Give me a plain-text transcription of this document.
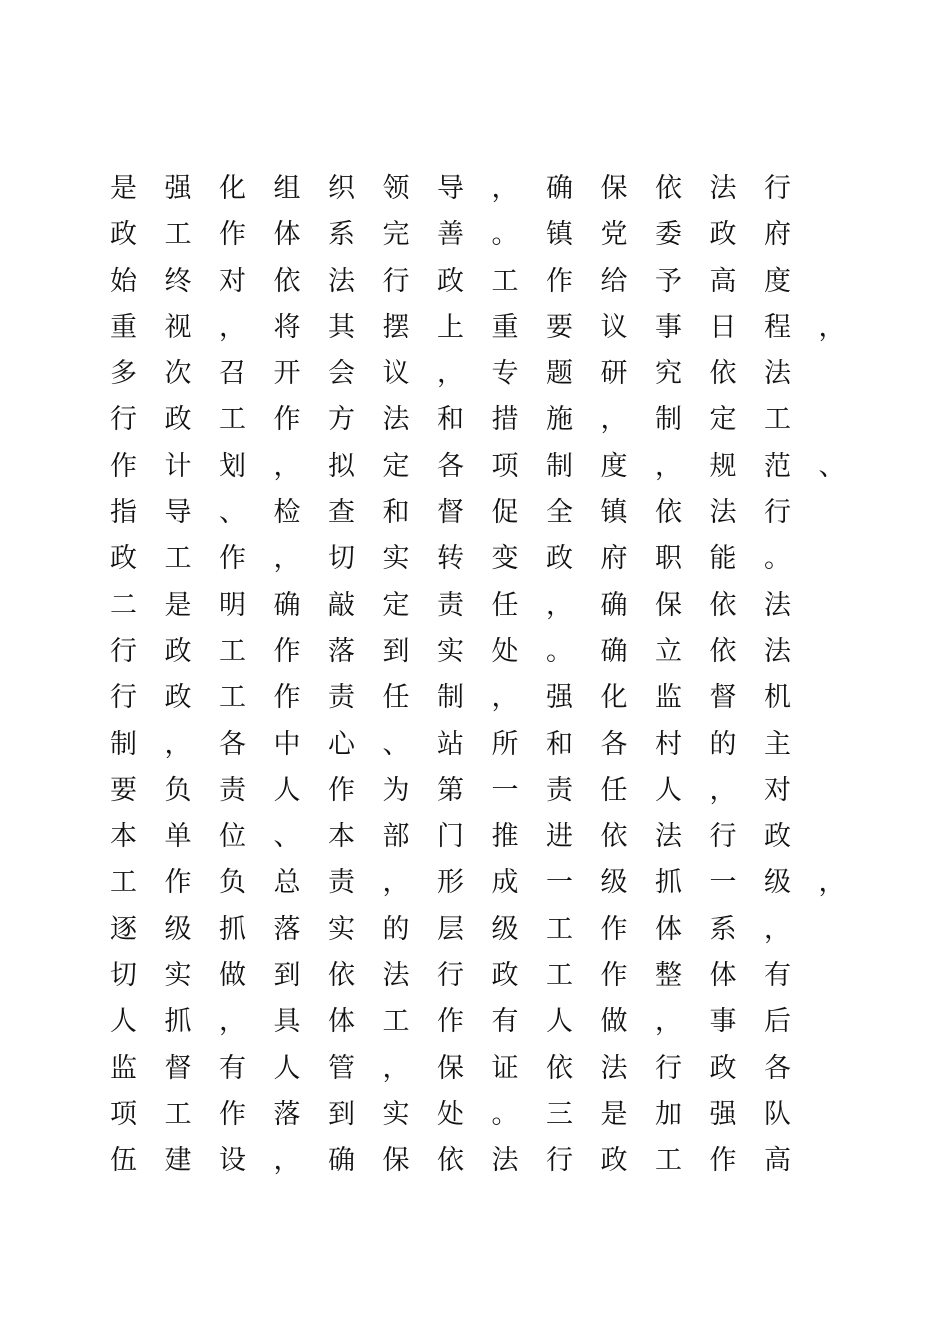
是强化组织领导，确保依法行
政工作体系完善。镇党委政府
始终对依法行政工作给予高度
重视，将其摆上重要议事日程，
多次召开会议，专题研究依法
行政工作方法和措施，制定工
作计划，拟定各项制度，规范、
指导、检查和督促全镇依法行
政工作，切实转变政府职能。
二是明确敲定责任，确保依法
行政工作落到实处。确立依法
行政工作责任制，强化监督机
制，各中心、站所和各村的主
要负责人作为第一责任人，对
本单位、本部门推进依法行政
工作负总责，形成一级抓一级，
逐级抓落实的层级工作体系，
切实做到依法行政工作整体有
人抓，具体工作有人做，事后
监督有人管，保证依法行政各
项工作落到实处。三是加强队
伍建设，确保依法行政工作高
